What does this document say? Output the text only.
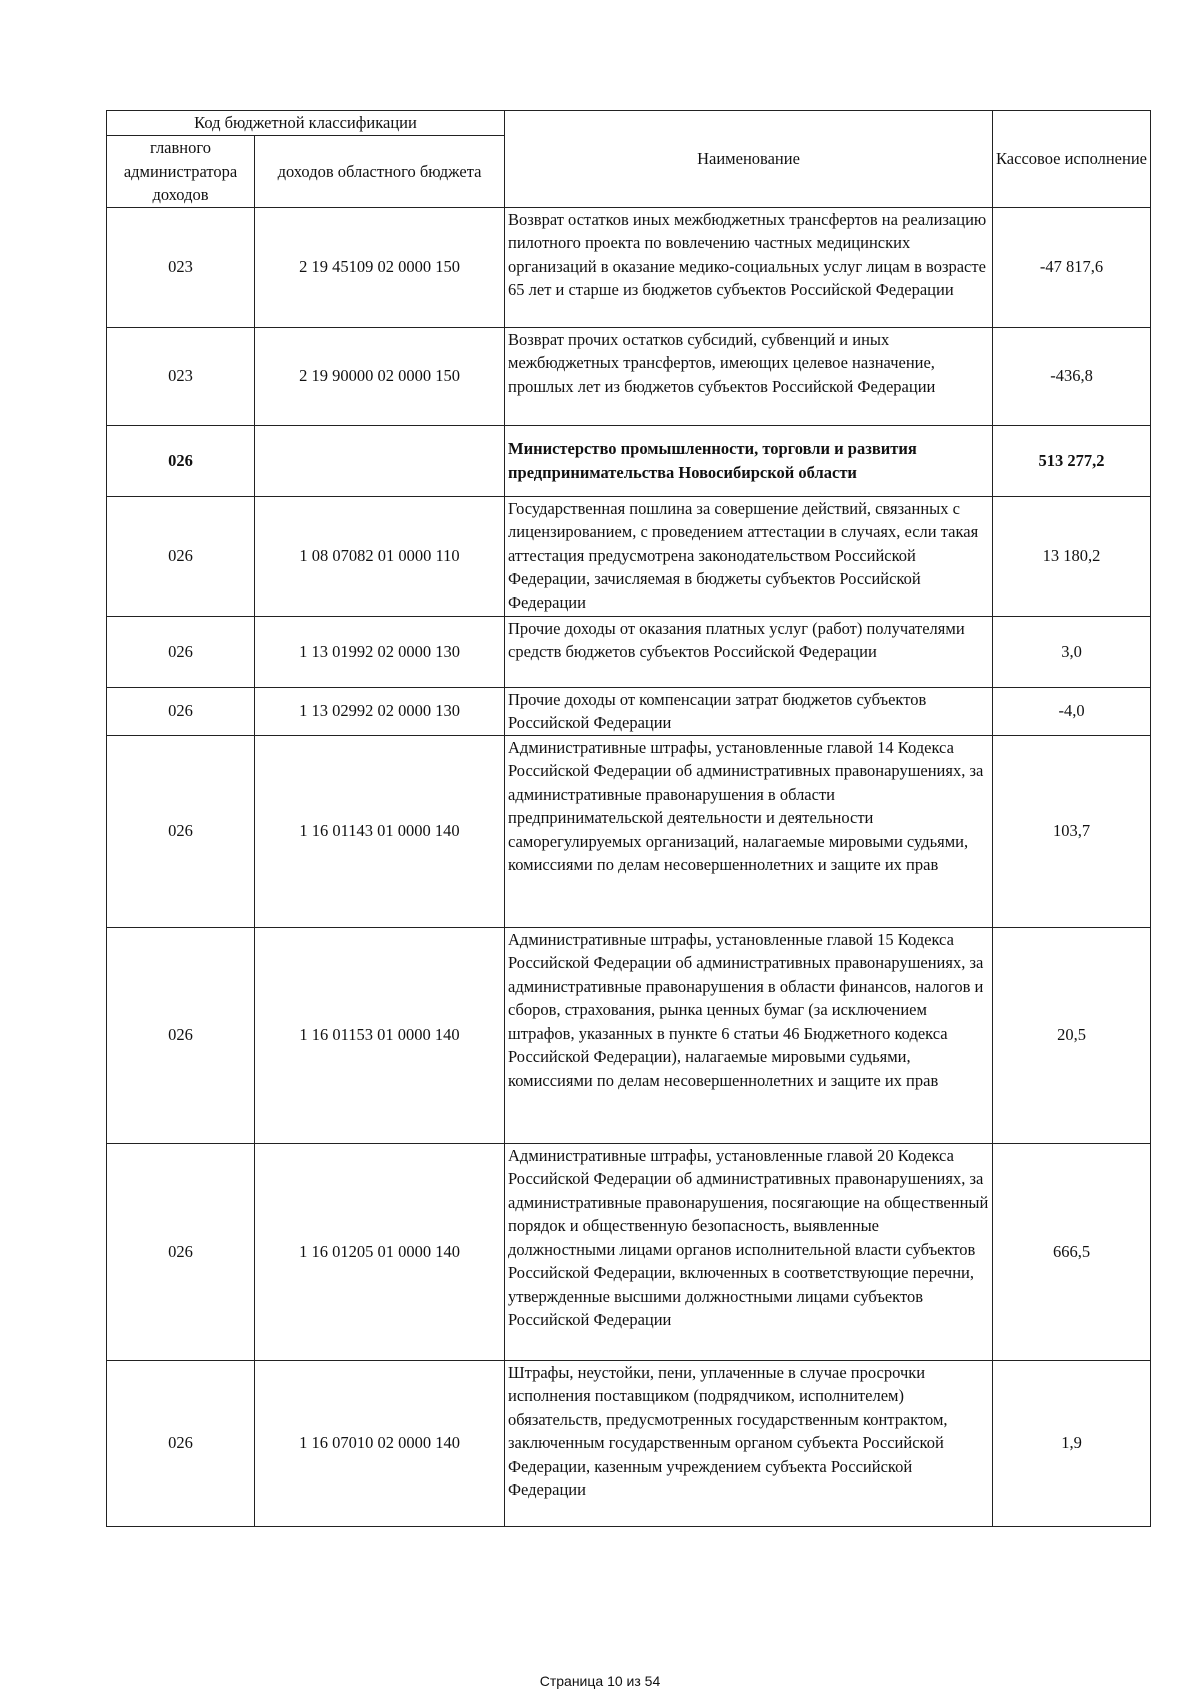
Код бюджетной классификации		Наименование	Кассовое исполнение
главного администратора доходов	доходов областного бюджета		
023	2 19 45109 02 0000 150	Возврат остатков иных межбюджетных трансфертов на реализацию пилотного проекта по вовлечению частных медицинских организаций в оказание медико-социальных услуг лицам в возрасте 65 лет и старше из бюджетов субъектов Российской Федерации	-47 817,6
023	2 19 90000 02 0000 150	Возврат прочих остатков субсидий, субвенций и иных межбюджетных трансфертов, имеющих целевое назначение, прошлых лет из бюджетов субъектов Российской Федерации	-436,8
026		Министерство промышленности, торговли и развития предпринимательства Новосибирской области	513 277,2
026	1 08 07082 01 0000 110	Государственная пошлина за совершение действий, связанных с лицензированием, с проведением аттестации в случаях, если такая аттестация предусмотрена законодательством Российской Федерации, зачисляемая в бюджеты субъектов Российской Федерации	13 180,2
026	1 13 01992 02 0000 130	Прочие доходы от оказания платных услуг (работ) получателями средств бюджетов субъектов Российской Федерации	3,0
026	1 13 02992 02 0000 130	Прочие доходы от компенсации затрат бюджетов субъектов Российской Федерации	-4,0
026	1 16 01143 01 0000 140	Административные штрафы, установленные главой 14 Кодекса Российской Федерации об административных правонарушениях, за административные правонарушения в области предпринимательской деятельности и деятельности саморегулируемых организаций, налагаемые мировыми судьями, комиссиями по делам несовершеннолетних и защите их прав	103,7
026	1 16 01153 01 0000 140	Административные штрафы, установленные главой 15 Кодекса Российской Федерации об административных правонарушениях, за административные правонарушения в области финансов, налогов и сборов, страхования, рынка ценных бумаг (за исключением штрафов, указанных в пункте 6 статьи 46 Бюджетного кодекса Российской Федерации), налагаемые мировыми судьями, комиссиями по делам несовершеннолетних и защите их прав	20,5
026	1 16 01205 01 0000 140	Административные штрафы, установленные главой 20 Кодекса Российской Федерации об административных правонарушениях, за административные правонарушения, посягающие на общественный порядок и общественную безопасность, выявленные должностными лицами органов исполнительной власти субъектов Российской Федерации, включенных в соответствующие перечни, утвержденные высшими должностными лицами субъектов Российской Федерации	666,5
026	1 16 07010 02 0000 140	Штрафы, неустойки, пени, уплаченные в случае просрочки исполнения поставщиком (подрядчиком, исполнителем) обязательств, предусмотренных государственным контрактом, заключенным государственным органом субъекта Российской Федерации, казенным учреждением субъекта Российской Федерации	1,9
Страница 10 из 54
